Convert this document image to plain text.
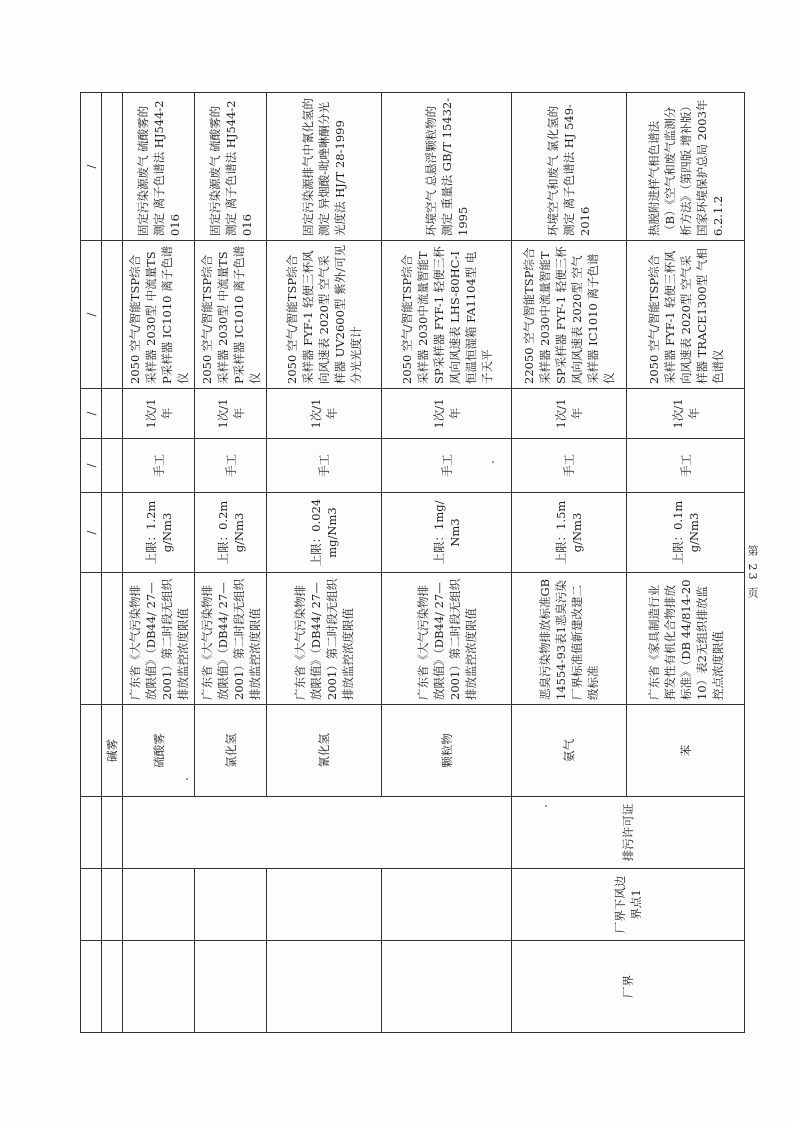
					/	/	/	/	/
			碱雾						
			硫酸雾	广东省《大气污染物排放限值》（DB44/ 27—2001）第二时段无组织排放监控浓度限值	上限：1.2mg/Nm3	手工	1次/1年	2050 空气/智能TSP综合采样器 2030型 中流量TSP采样器 IC1010 离子色谱仪	固定污染源废气 硫酸雾的测定 离子色谱法 HJ544-2016
			氯化氢	广东省《大气污染物排放限值》（DB44/ 27—2001）第二时段无组织排放监控浓度限值	上限：0.2mg/Nm3	手工	1次/1年	2050 空气/智能TSP综合采样器 2030型 中流量TSP采样器 IC1010 离子色谱仪	固定污染源废气 硫酸雾的测定 离子色谱法 HJ544-2016
			氰化氢	广东省《大气污染物排放限值》（DB44/ 27—2001）第二时段无组织排放监控浓度限值	上限：0.024mg/Nm3	手工	1次/1年	2050 空气/智能TSP综合采样器 FYF-1 轻便三杯风向风速表 2020型 空气采样器 UV2600型 紫外/可见分光光度计	固定污染源排气中氰化氢的测定 异烟酸-吡唑啉酮分光光度法 HJ/T 28-1999
			颗粒物	广东省《大气污染物排放限值》（DB44/ 27—2001）第二时段无组织排放监控浓度限值	上限：1mg/Nm3	手工	1次/1年	2050 空气/智能TSP综合采样器 2030中流量智能TSP采样器 FYF-1 轻便三杯风向风速表 LHS-80HC-I恒温恒湿箱 FA1104型 电子天平	环境空气 总悬浮颗粒物的测定 重量法 GB/T 15432-1995
厂界	厂界下风边界点1	排污许可证	氨气	恶臭污染物排放标准GB 14554-93表1恶臭污染厂界标准值新建改建二级标准	上限：1.5mg/Nm3	手工	1次/1年	22050 空气/智能TSP综合采样器 2030中流量智能TSP采样器 FYF-1 轻便三杯风向风速表 2020型 空气采样器 IC1010 离子色谱仪	环境空气和废气 氯化氢的测定 离子色谱法 HJ 549-2016
			苯	广东省《家具制造行业挥发性有机化合物排放标准》（DB 44/814-2010）表2无组织排放监控点浓度限值	上限：0.1mg/Nm3	手工	1次/1年	2050 空气/智能TSP综合采样器 FYF-1 轻便三杯风向风速表 2020型 空气采样器 TRACE1300型 气相色谱仪	热脱附进样气相色谱法（B）《空气和废气监测分析方法》（第四版 增补版）国家环境保护总局 2003年 6.2.1.2
第 23 页
